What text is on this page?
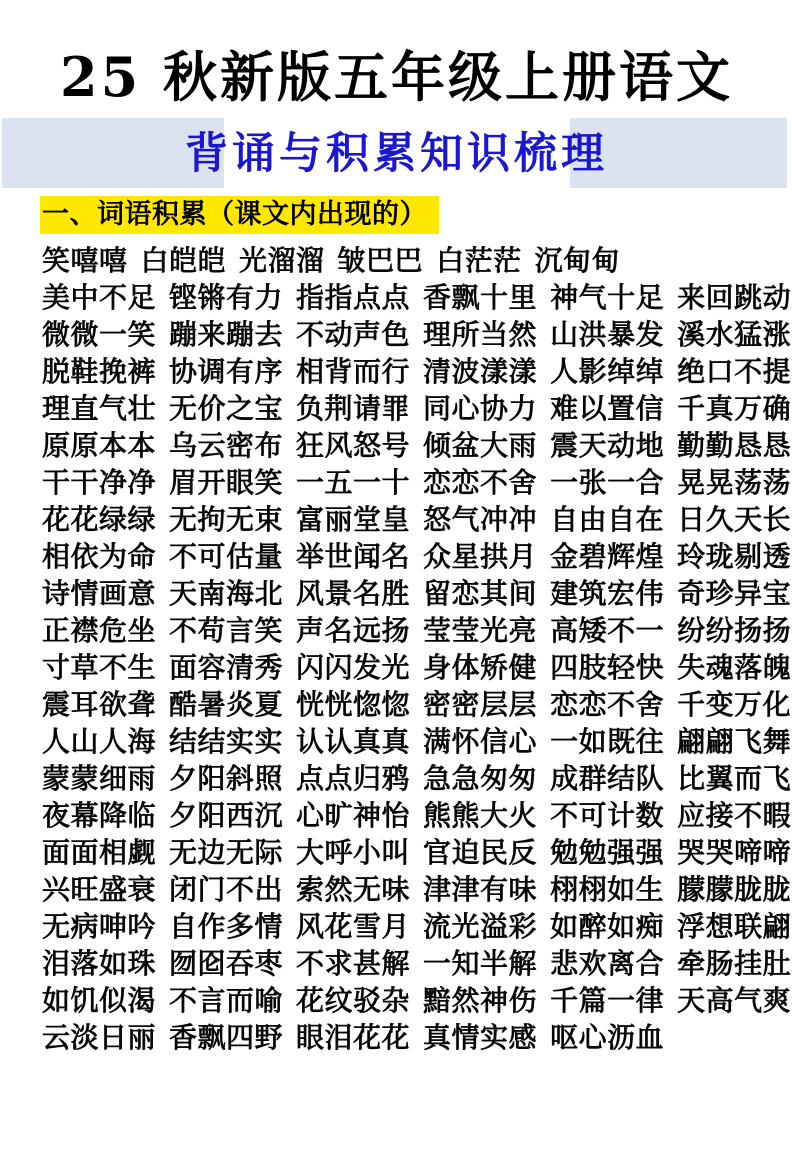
25 秋新版五年级上册语文
背诵与积累知识梳理
一、词语积累（课文内出现的）
笑嘻嘻 白皑皑 光溜溜 皱巴巴 白茫茫 沉甸甸
美中不足 铿锵有力 指指点点 香飘十里 神气十足 来回跳动
微微一笑 蹦来蹦去 不动声色 理所当然 山洪暴发 溪水猛涨
脱鞋挽裤 协调有序 相背而行 清波漾漾 人影绰绰 绝口不提
理直气壮 无价之宝 负荆请罪 同心协力 难以置信 千真万确
原原本本 乌云密布 狂风怒号 倾盆大雨 震天动地 勤勤恳恳
干干净净 眉开眼笑 一五一十 恋恋不舍 一张一合 晃晃荡荡
花花绿绿 无拘无束 富丽堂皇 怒气冲冲 自由自在 日久天长
相依为命 不可估量 举世闻名 众星拱月 金碧辉煌 玲珑剔透
诗情画意 天南海北 风景名胜 留恋其间 建筑宏伟 奇珍异宝
正襟危坐 不苟言笑 声名远扬 莹莹光亮 高矮不一 纷纷扬扬
寸草不生 面容清秀 闪闪发光 身体矫健 四肢轻快 失魂落魄
震耳欲聋 酷暑炎夏 恍恍惚惚 密密层层 恋恋不舍 千变万化
人山人海 结结实实 认认真真 满怀信心 一如既往 翩翩飞舞
蒙蒙细雨 夕阳斜照 点点归鸦 急急匆匆 成群结队 比翼而飞
夜幕降临 夕阳西沉 心旷神怡 熊熊大火 不可计数 应接不暇
面面相觑 无边无际 大呼小叫 官迫民反 勉勉强强 哭哭啼啼
兴旺盛衰 闭门不出 索然无味 津津有味 栩栩如生 朦朦胧胧
无病呻吟 自作多情 风花雪月 流光溢彩 如醉如痴 浮想联翩
泪落如珠 囫囵吞枣 不求甚解 一知半解 悲欢离合 牵肠挂肚
如饥似渴 不言而喻 花纹驳杂 黯然神伤 千篇一律 天高气爽
云淡日丽 香飘四野 眼泪花花 真情实感 呕心沥血
